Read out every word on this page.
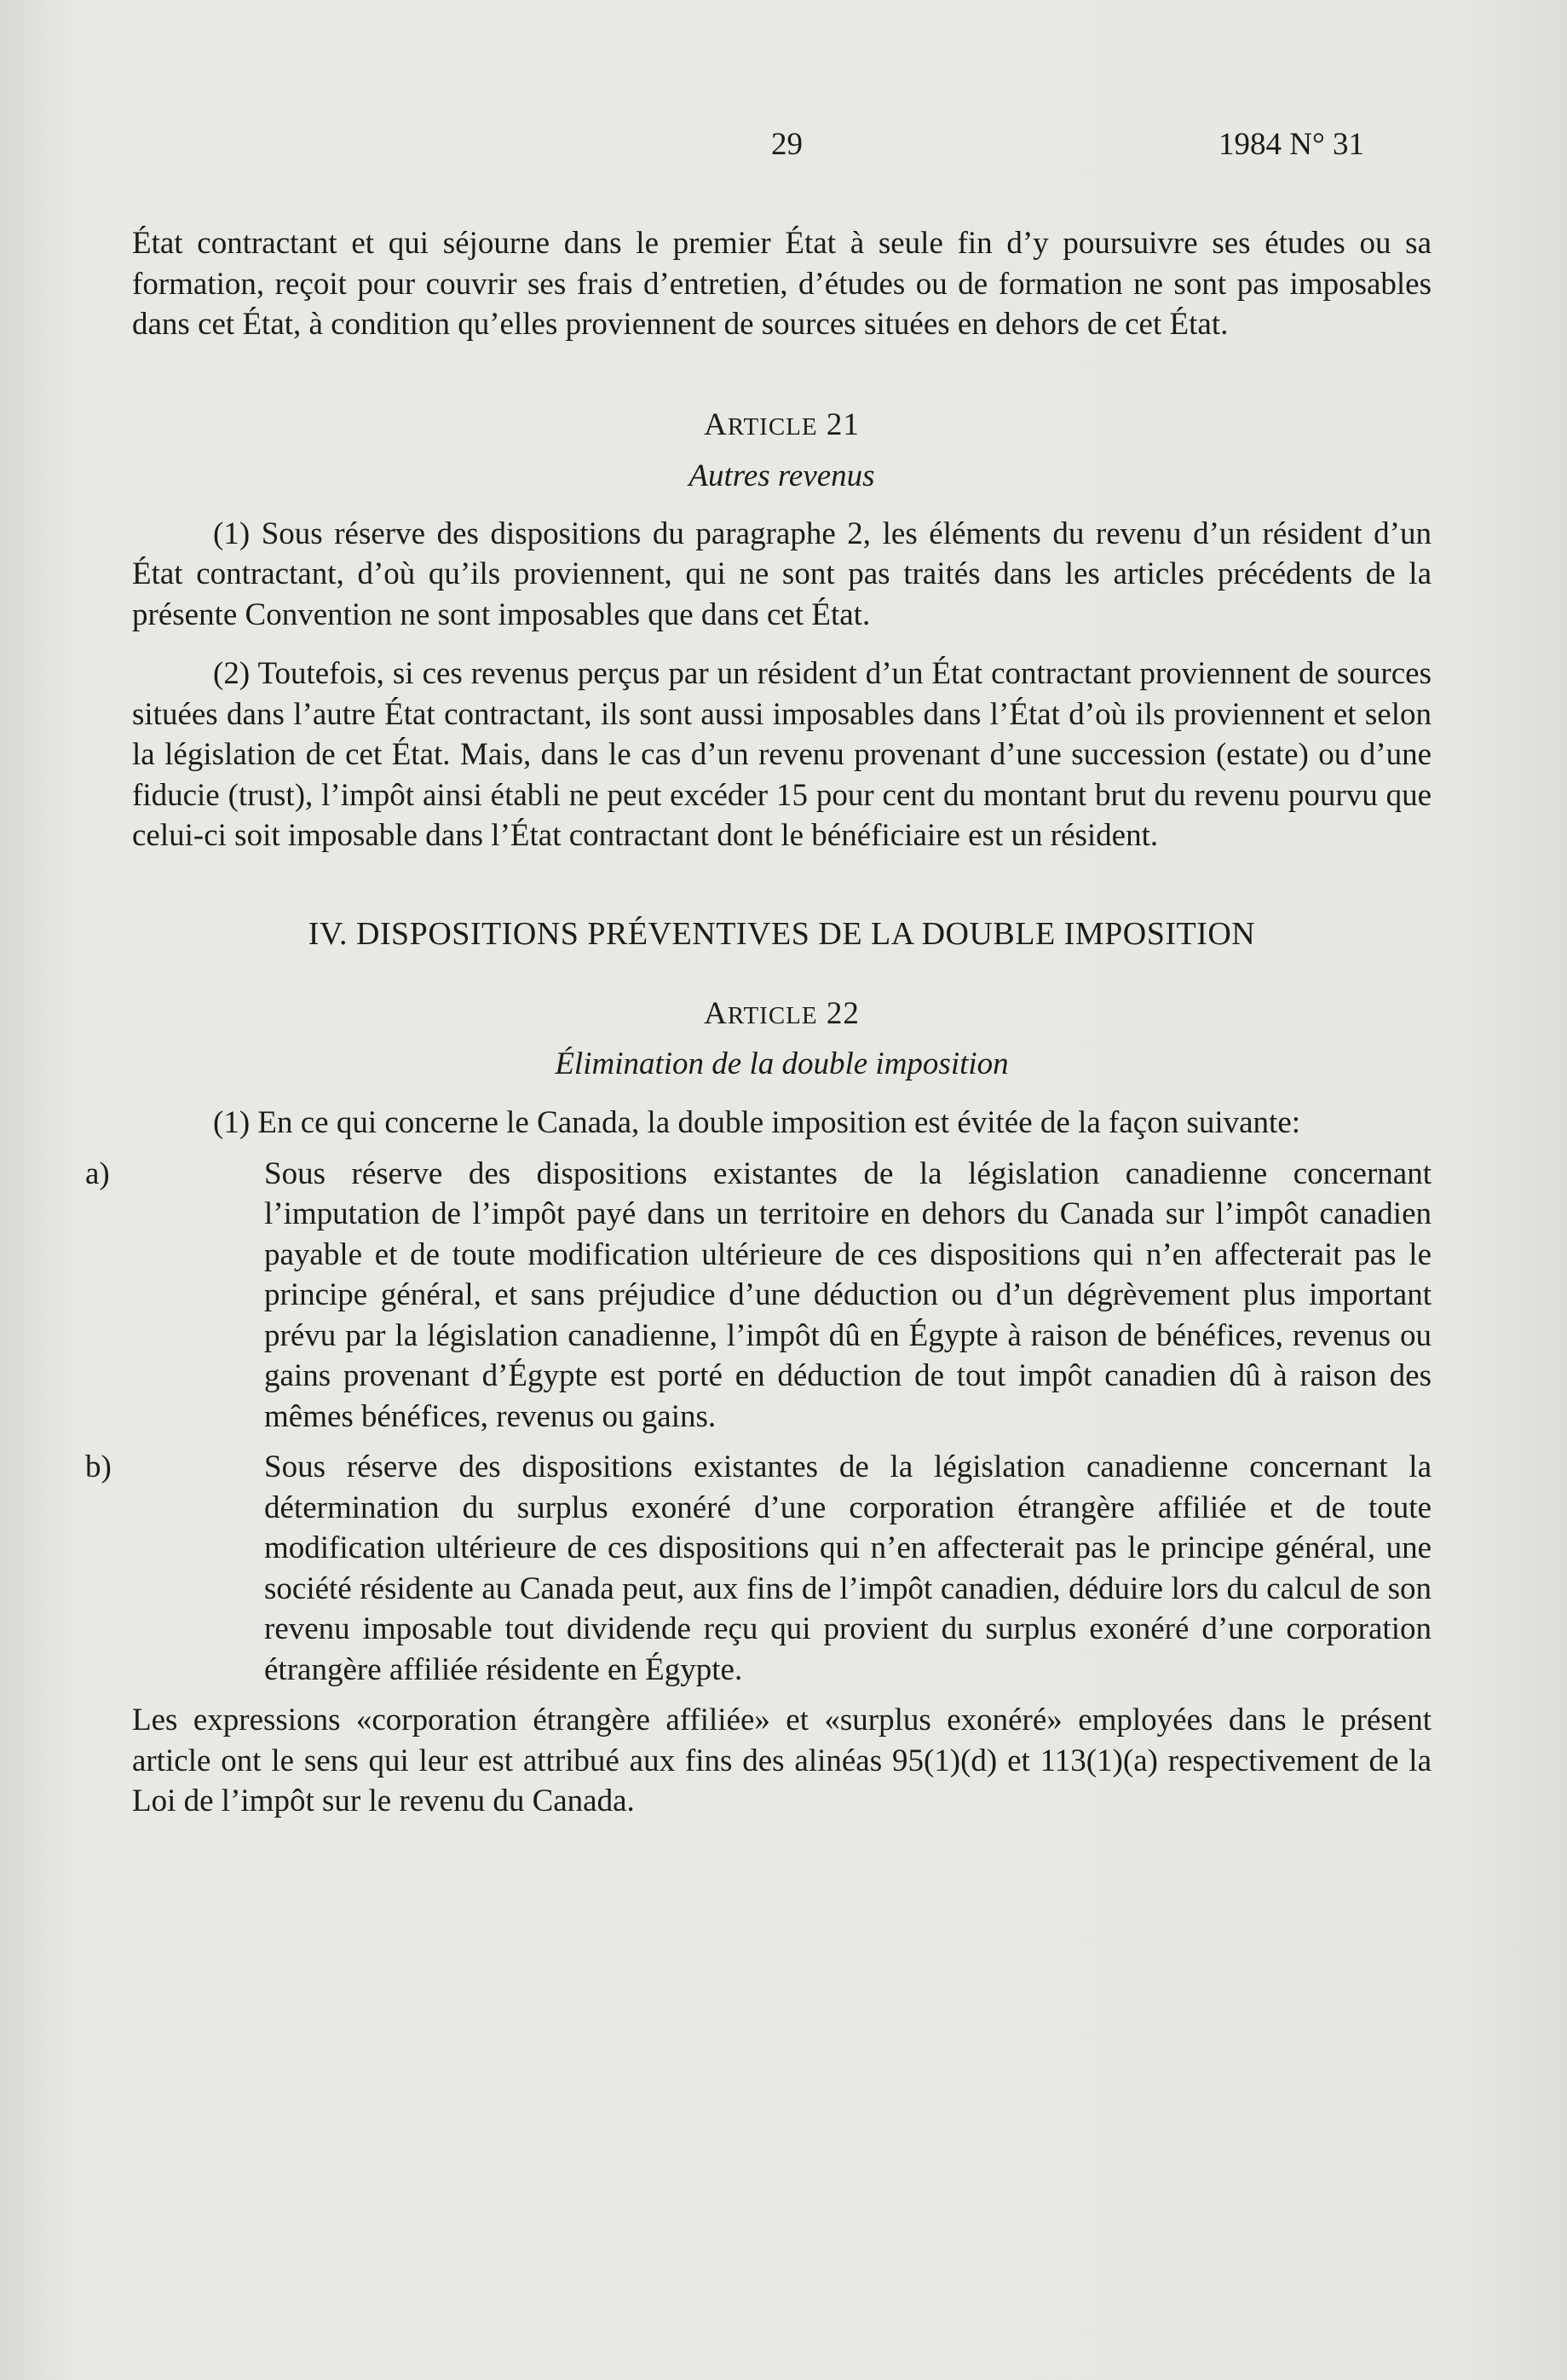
29	1984 N° 31

État contractant et qui séjourne dans le premier État à seule fin d’y poursuivre ses études ou sa formation, reçoit pour couvrir ses frais d’entretien, d’études ou de formation ne sont pas imposables dans cet État, à condition qu’elles proviennent de sources situées en dehors de cet État.

ARTICLE 21
Autres revenus

(1) Sous réserve des dispositions du paragraphe 2, les éléments du revenu d’un résident d’un État contractant, d’où qu’ils proviennent, qui ne sont pas traités dans les articles précédents de la présente Convention ne sont imposables que dans cet État.

(2) Toutefois, si ces revenus perçus par un résident d’un État contractant proviennent de sources situées dans l’autre État contractant, ils sont aussi imposables dans l’État d’où ils proviennent et selon la législation de cet État. Mais, dans le cas d’un revenu provenant d’une succession (estate) ou d’une fiducie (trust), l’impôt ainsi établi ne peut excéder 15 pour cent du montant brut du revenu pourvu que celui-ci soit imposable dans l’État contractant dont le bénéficiaire est un résident.

IV. DISPOSITIONS PRÉVENTIVES DE LA DOUBLE IMPOSITION
ARTICLE 22
Élimination de la double imposition

(1) En ce qui concerne le Canada, la double imposition est évitée de la façon suivante:

a)	Sous réserve des dispositions existantes de la législation canadienne concernant l’imputation de l’impôt payé dans un territoire en dehors du Canada sur l’impôt canadien payable et de toute modification ultérieure de ces dispositions qui n’en affecterait pas le principe général, et sans préjudice d’une déduction ou d’un dégrèvement plus important prévu par la législation canadienne, l’impôt dû en Égypte à raison de bénéfices, revenus ou gains provenant d’Égypte est porté en déduction de tout impôt canadien dû à raison des mêmes bénéfices, revenus ou gains.
b)	Sous réserve des dispositions existantes de la législation canadienne concernant la détermination du surplus exonéré d’une corporation étrangère affiliée et de toute modification ultérieure de ces dispositions qui n’en affecterait pas le principe général, une société résidente au Canada peut, aux fins de l’impôt canadien, déduire lors du calcul de son revenu imposable tout dividende reçu qui provient du surplus exonéré d’une corporation étrangère affiliée résidente en Égypte.

Les expressions «corporation étrangère affiliée» et «surplus exonéré» employées dans le présent article ont le sens qui leur est attribué aux fins des alinéas 95(1)(d) et 113(1)(a) respectivement de la Loi de l’impôt sur le revenu du Canada.
